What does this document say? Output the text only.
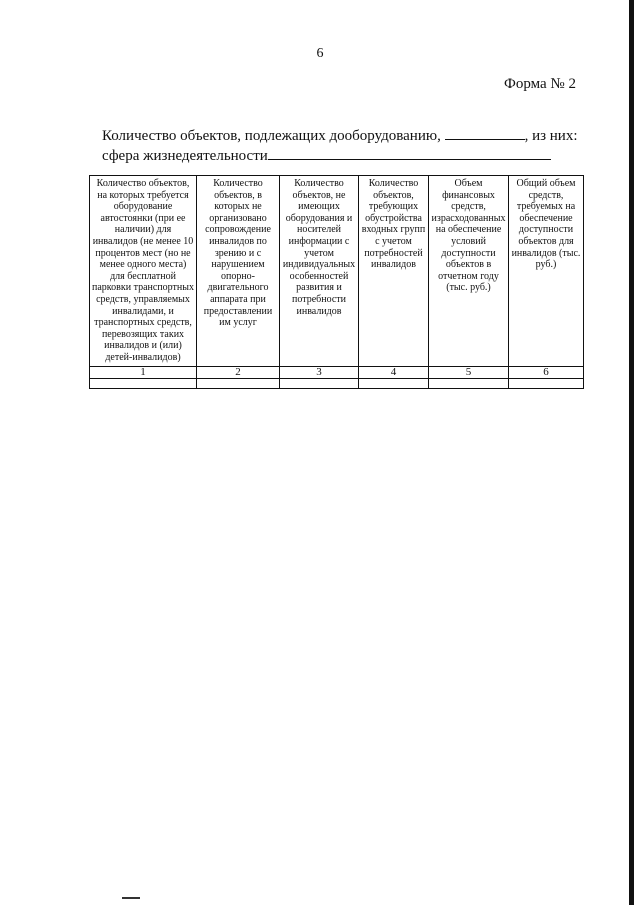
6
Форма № 2
Количество объектов, подлежащих дооборудованию,	, из них:
сфера жизнедеятельности
Количество объектов, на которых требуется оборудование автостоянки (при ее наличии) для инвалидов (не менее 10 процентов мест (но не менее одного места) для бесплатной парковки транспортных средств, управляемых инвалидами, и транспортных средств, перевозящих таких инвалидов и (или) детей-инвалидов)	Количество объектов, в которых не организовано сопровождение инвалидов по зрению и с нарушением опорно-двигательного аппарата при предоставлении им услуг	Количество объектов, не имеющих оборудования и носителей информации с учетом индивидуальных особенностей развития и потребности инвалидов	Количество объектов, требующих обустройства входных групп с учетом потребностей инвалидов	Объем финансовых средств, израсходованных на обеспечение условий доступности объектов в отчетном году (тыс. руб.)	Общий объем средств, требуемых на обеспечение доступности объектов для инвалидов (тыс. руб.)
1	2	3	4	5	6
